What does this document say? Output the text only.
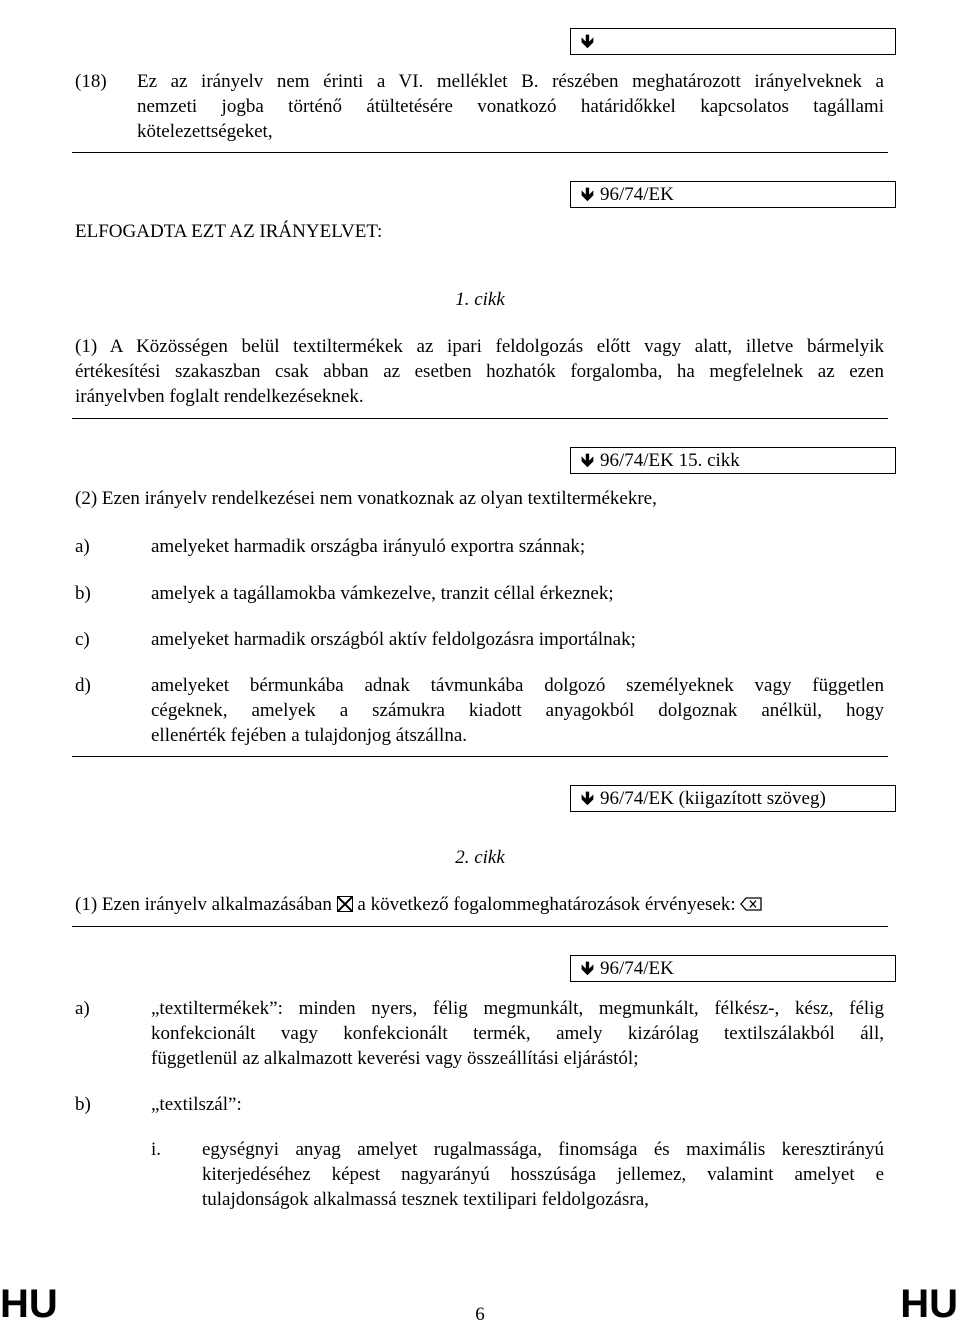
🡻
(18) Ez az irányelv nem érinti a VI. melléklet B. részében meghatározott irányelveknek a
nemzeti jogba történő átültetésére vonatkozó határidőkkel kapcsolatos tagállami
kötelezettségeket,
🡻 96/74/EK
ELFOGADTA EZT AZ IRÁNYELVET:
1. cikk
(1) A Közösségen belül textiltermékek az ipari feldolgozás előtt vagy alatt, illetve bármelyik
értékesítési szakaszban csak abban az esetben hozhatók forgalomba, ha megfelelnek az ezen
irányelvben foglalt rendelkezéseknek.
🡻 96/74/EK 15. cikk
(2) Ezen irányelv rendelkezései nem vonatkoznak az olyan textiltermékekre,
a)	amelyeket harmadik országba irányuló exportra szánnak;
b)	amelyek a tagállamokba vámkezelve, tranzit céllal érkeznek;
c)	amelyeket harmadik országból aktív feldolgozásra importálnak;
d)	amelyeket bérmunkába adnak távmunkába dolgozó személyeknek vagy független
cégeknek, amelyek a számukra kiadott anyagokból dolgoznak anélkül, hogy
ellenérték fejében a tulajdonjog átszállna.
🡻 96/74/EK (kiigazított szöveg)
2. cikk
(1) Ezen irányelv alkalmazásában a következő fogalommeghatározások érvényesek:
🡻 96/74/EK
a)	„textiltermékek”: minden nyers, félig megmunkált, megmunkált, félkész-, kész, félig
konfekcionált vagy konfekcionált termék, amely kizárólag textilszálakból áll,
függetlenül az alkalmazott keverési vagy összeállítási eljárástól;
b)	„textilszál”:
i. egységnyi anyag amelyet rugalmassága, finomsága és maximális keresztirányú
kiterjedéséhez képest nagyarányú hosszúsága jellemez, valamint amelyet e
tulajdonságok alkalmassá tesznek textilipari feldolgozásra,
HU	6	HU
